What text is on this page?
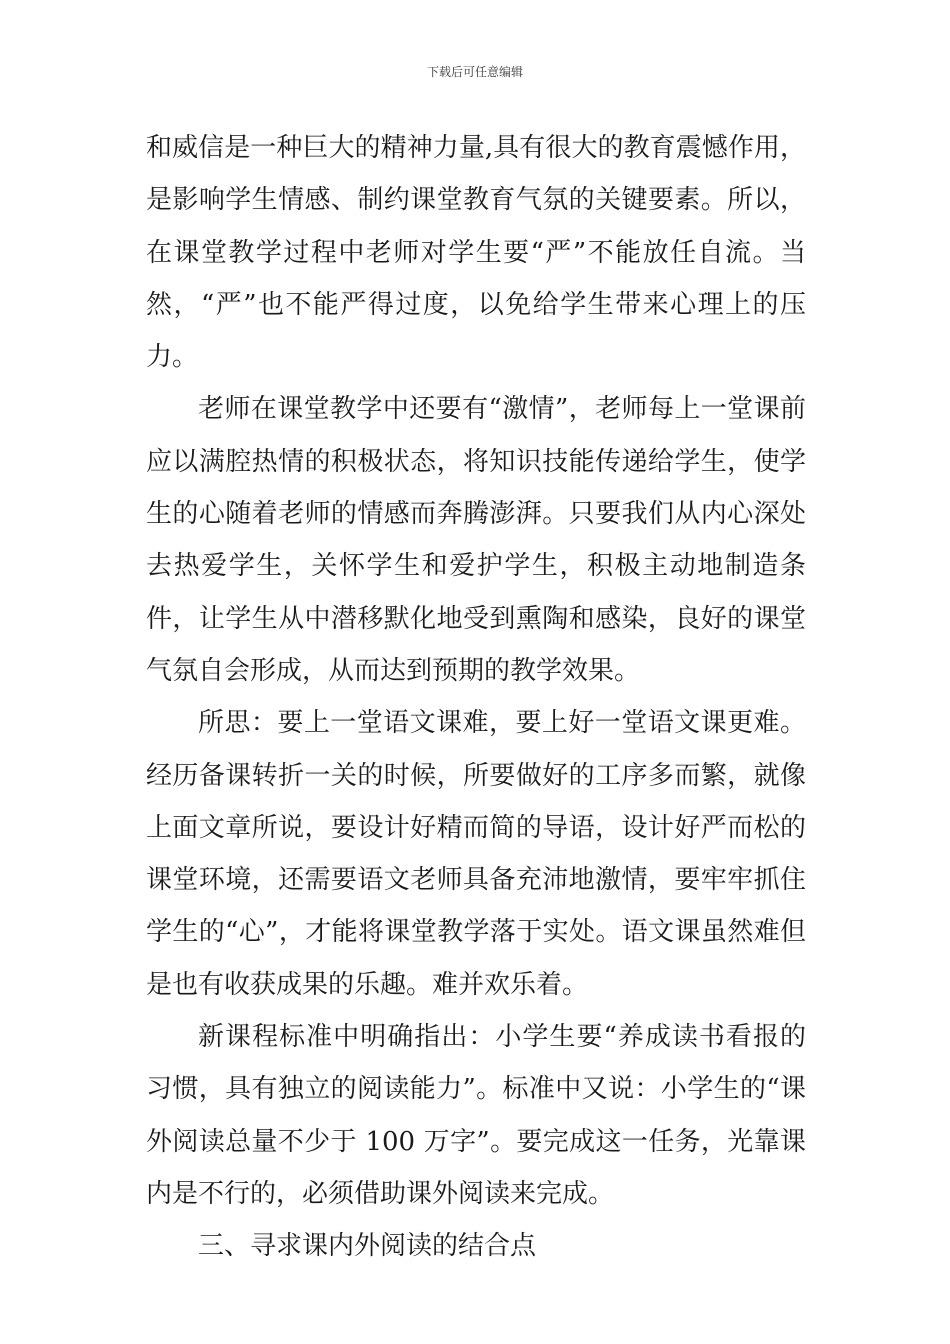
下载后可任意编辑

和威信是一种巨大的精神力量,具有很大的教育震憾作用，是影响学生情感、制约课堂教育气氛的关键要素。所以，在课堂教学过程中老师对学生要“严”不能放任自流。当然，“严”也不能严得过度，以免给学生带来心理上的压力。

老师在课堂教学中还要有“激情”，老师每上一堂课前应以满腔热情的积极状态，将知识技能传递给学生，使学生的心随着老师的情感而奔腾澎湃。只要我们从内心深处去热爱学生，关怀学生和爱护学生，积极主动地制造条件，让学生从中潜移默化地受到熏陶和感染，良好的课堂气氛自会形成，从而达到预期的教学效果。

所思：要上一堂语文课难，要上好一堂语文课更难。经历备课转折一关的时候，所要做好的工序多而繁，就像上面文章所说，要设计好精而简的导语，设计好严而松的课堂环境，还需要语文老师具备充沛地激情，要牢牢抓住学生的“心”，才能将课堂教学落于实处。语文课虽然难但是也有收获成果的乐趣。难并欢乐着。

新课程标准中明确指出：小学生要“养成读书看报的习惯，具有独立的阅读能力”。标准中又说：小学生的“课外阅读总量不少于 100 万字”。要完成这一任务，光靠课内是不行的，必须借助课外阅读来完成。

三、寻求课内外阅读的结合点
